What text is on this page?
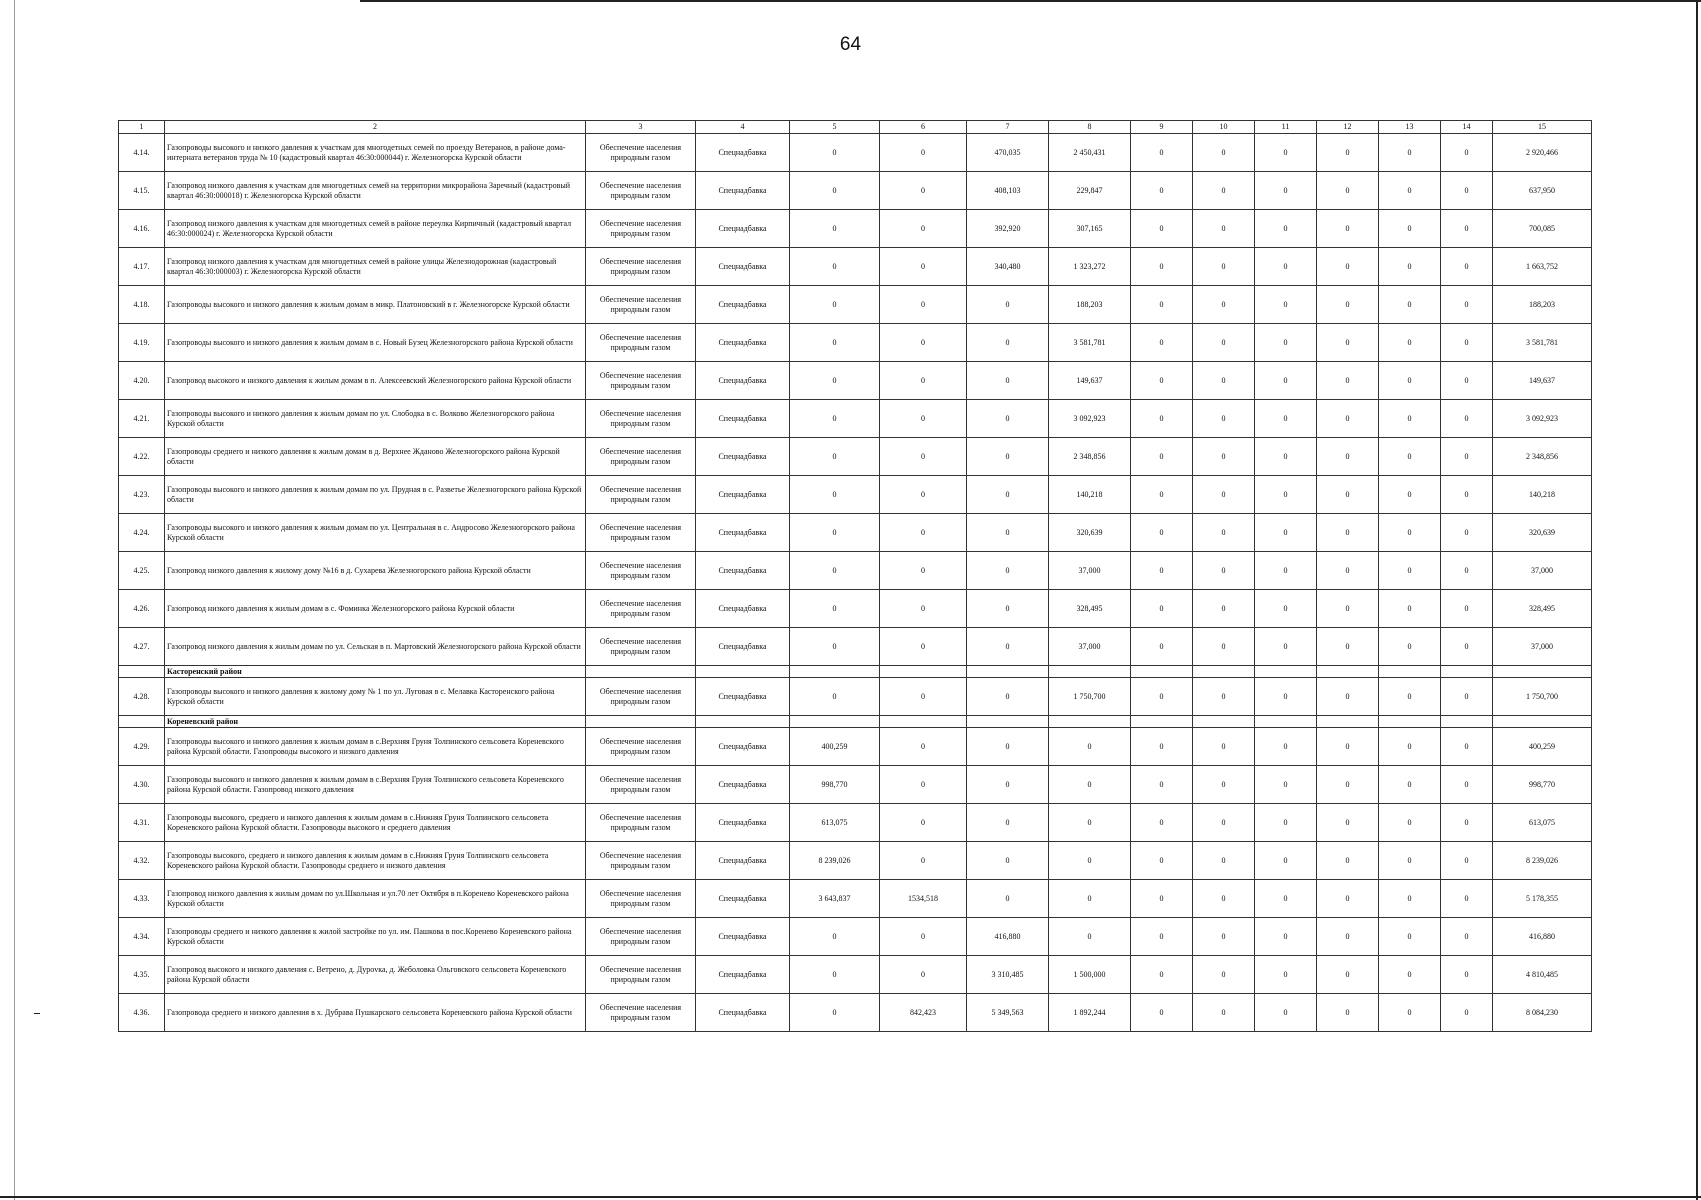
64
1	2	3	4	5	6	7	8	9	10	11	12	13	14	15
4.14.	Газопроводы высокого и низкого давления к участкам для многодетных семей по проезду Ветеранов, в районе дома-интерната ветеранов труда № 10 (кадастровый квартал 46:30:000044) г. Железногорска Курской области	Обеспечение населения природным газом	Спецнадбавка	0	0	470,035	2 450,431	0	0	0	0	0	0	2 920,466
4.15.	Газопровод низкого давления к участкам для многодетных семей на территории микрорайона Заречный (кадастровый квартал 46:30:000018) г. Железногорска Курской области	Обеспечение населения природным газом	Спецнадбавка	0	0	408,103	229,847	0	0	0	0	0	0	637,950
4.16.	Газопровод низкого давления к участкам для многодетных семей в районе переулка Кирпичный (кадастровый квартал 46:30:000024) г. Железногорска Курской области	Обеспечение населения природным газом	Спецнадбавка	0	0	392,920	307,165	0	0	0	0	0	0	700,085
4.17.	Газопровод низкого давления к участкам для многодетных семей в районе улицы Железнодорожная (кадастровый квартал 46:30:000003) г. Железногорска Курской области	Обеспечение населения природным газом	Спецнадбавка	0	0	340,480	1 323,272	0	0	0	0	0	0	1 663,752
4.18.	Газопроводы высокого и низкого давления к жилым домам в микр. Платоновский в г. Железногорске Курской области	Обеспечение населения природным газом	Спецнадбавка	0	0	0	188,203	0	0	0	0	0	0	188,203
4.19.	Газопроводы высокого и низкого давления к жилым домам в с. Новый Бузец Железногорского района Курской области	Обеспечение населения природным газом	Спецнадбавка	0	0	0	3 581,781	0	0	0	0	0	0	3 581,781
4.20.	Газопровод высокого и низкого давления к жилым домам в п. Алексеевский Железногорского района Курской области	Обеспечение населения природным газом	Спецнадбавка	0	0	0	149,637	0	0	0	0	0	0	149,637
4.21.	Газопроводы высокого и низкого давления к жилым домам по ул. Слободка в с. Волково Железногорского района Курской области	Обеспечение населения природным газом	Спецнадбавка	0	0	0	3 092,923	0	0	0	0	0	0	3 092,923
4.22.	Газопроводы среднего и низкого давления к жилым домам в д. Верхнее Жданово Железногорского района Курской области	Обеспечение населения природным газом	Спецнадбавка	0	0	0	2 348,856	0	0	0	0	0	0	2 348,856
4.23.	Газопроводы высокого и низкого давления к жилым домам по ул. Прудная в с. Разветье Железногорского района Курской области	Обеспечение населения природным газом	Спецнадбавка	0	0	0	140,218	0	0	0	0	0	0	140,218
4.24.	Газопроводы высокого и низкого давления к жилым домам по ул. Центральная в с. Андросово Железногорского района Курской области	Обеспечение населения природным газом	Спецнадбавка	0	0	0	320,639	0	0	0	0	0	0	320,639
4.25.	Газопровод низкого давления к жилому дому №16 в д. Сухарева Железногорского района Курской области	Обеспечение населения природным газом	Спецнадбавка	0	0	0	37,000	0	0	0	0	0	0	37,000
4.26.	Газопровод низкого давления к жилым домам в с. Фоминка Железногорского района Курской области	Обеспечение населения природным газом	Спецнадбавка	0	0	0	328,495	0	0	0	0	0	0	328,495
4.27.	Газопровод низкого давления к жилым домам по ул. Сельская в п. Мартовский Железногорского района Курской области	Обеспечение населения природным газом	Спецнадбавка	0	0	0	37,000	0	0	0	0	0	0	37,000
	Касторенский район													
4.28.	Газопроводы высокого и низкого давления к жилому дому № 1 по ул. Луговая в с. Мелавка Касторенского района Курской области	Обеспечение населения природным газом	Спецнадбавка	0	0	0	1 750,700	0	0	0	0	0	0	1 750,700
	Кореневский район													
4.29.	Газопроводы высокого и низкого давления к жилым домам в с.Верхняя Груня Толпинского сельсовета Кореневского района Курской области. Газопроводы высокого и низкого давления	Обеспечение населения природным газом	Спецнадбавка	400,259	0	0	0	0	0	0	0	0	0	400,259
4.30.	Газопроводы высокого и низкого давления к жилым домам в с.Верхняя Груня Толпинского сельсовета Кореневского района Курской области. Газопровод низкого давления	Обеспечение населения природным газом	Спецнадбавка	998,770	0	0	0	0	0	0	0	0	0	998,770
4.31.	Газопроводы высокого, среднего и низкого давления к жилым домам в с.Нижняя Груня Толпинского сельсовета Кореневского района Курской области. Газопроводы высокого и среднего давления	Обеспечение населения природным газом	Спецнадбавка	613,075	0	0	0	0	0	0	0	0	0	613,075
4.32.	Газопроводы высокого, среднего и низкого давления к жилым домам в с.Нижняя Груня Толпинского сельсовета Кореневского района Курской области. Газопроводы среднего и низкого давления	Обеспечение населения природным газом	Спецнадбавка	8 239,026	0	0	0	0	0	0	0	0	0	8 239,026
4.33.	Газопровод низкого давления к жилым домам по ул.Школьная и ул.70 лет Октября в п.Коренево Кореневского района Курской области	Обеспечение населения природным газом	Спецнадбавка	3 643,837	1534,518	0	0	0	0	0	0	0	0	5 178,355
4.34.	Газопроводы среднего и низкого давления к жилой застройке по ул. им. Пашкова в пос.Коренево Кореневского района Курской области	Обеспечение населения природным газом	Спецнадбавка	0	0	416,880	0	0	0	0	0	0	0	416,880
4.35.	Газопровод высокого и низкого давления с. Ветрено, д. Дурovка, д. Жеболовка Ольговского сельсовета Кореневского района Курской области	Обеспечение населения природным газом	Спецнадбавка	0	0	3 310,485	1 500,000	0	0	0	0	0	0	4 810,485
4.36.	Газопровода среднего и низкого давления в х. Дубрава Пушкарского сельсовета Кореневского района Курской области	Обеспечение населения природным газом	Спецнадбавка	0	842,423	5 349,563	1 892,244	0	0	0	0	0	0	8 084,230
